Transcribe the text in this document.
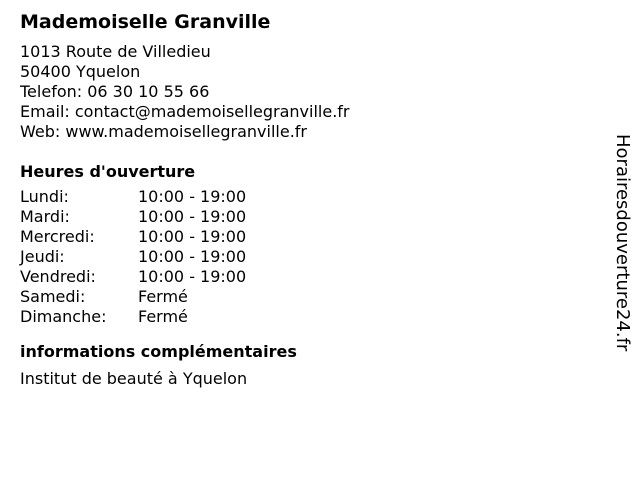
Mademoiselle Granville
1013 Route de Villedieu
50400 Yquelon
Telefon: 06 30 10 55 66
Email: contact@mademoisellegranville.fr
Web: www.mademoisellegranville.fr
Heures d'ouverture
Lundi:	10:00 - 19:00
Mardi:	10:00 - 19:00
Mercredi:	10:00 - 19:00
Jeudi:	10:00 - 19:00
Vendredi:	10:00 - 19:00
Samedi:	Fermé
Dimanche:	Fermé
informations complémentaires
Institut de beauté à Yquelon
Horairesdouverture24.fr
